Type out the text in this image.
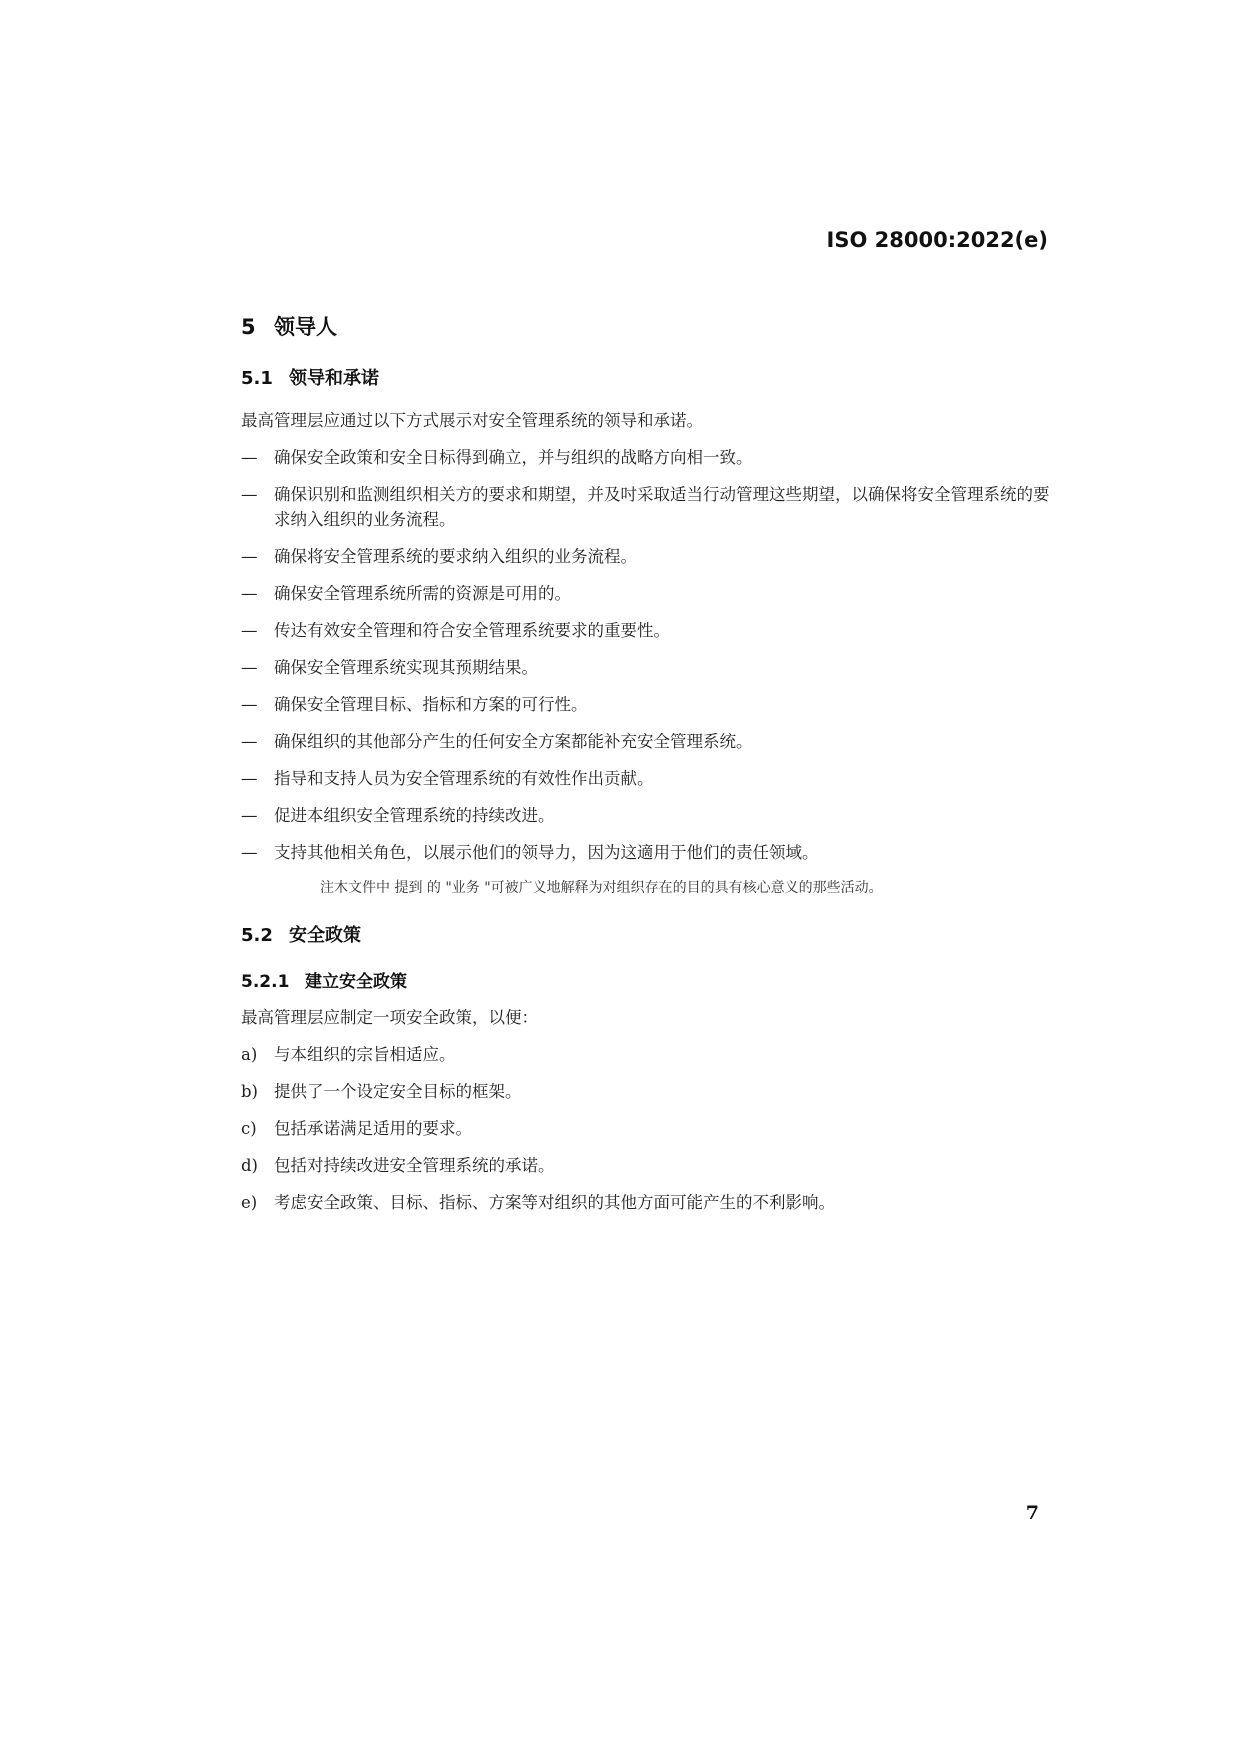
ISO 28000:2022(e)

5 领导人
5.1 领导和承诺

最高管理层应通过以下方式展示对安全管理系统的领导和承诺。

—	确保安全政策和安全日标得到确立，并与组织的战略方向相一致。
—	确保识别和监测组织相关方的要求和期望，并及吋采取适当行动管理这些期望，以确保将安全管理系统的要求纳入组织的业务流程。
—	确保将安全管理系统的要求纳入组织的业务流程。
—	确保安全管理系统所需的资源是可用的。
—	传达有效安全管理和符合安全管理系统要求的重要性。
—	确保安全管理系统实现其预期结果。
—	确保安全管理目标、指标和方案的可行性。
—	确保组织的其他部分产生的任何安全方案都能补充安全管理系统。
—	指导和支持人员为安全管理系统的有效性作出贡献。
—	促进本组织安全管理系统的持续改进。
—	支持其他相关角色，以展示他们的领导力，因为这適用于他们的责任领域。

注木文件中 提到 的 "业务 "可被广义地解释为对组织存在的目的具有核心意义的那些活动。

5.2 安全政策
5.2.1 建立安全政策

最高管理层应制定一项安全政策，以便：

a)	与本组织的宗旨相适应。
b) 提供了一个设定安全目标的框架。
c)	包括承诺满足适用的要求。
d) 包括对持续改进安全管理系统的承诺。
e)	考虑安全政策、目标、指标、方案等对组织的其他方面可能产生的不利影响。

7
